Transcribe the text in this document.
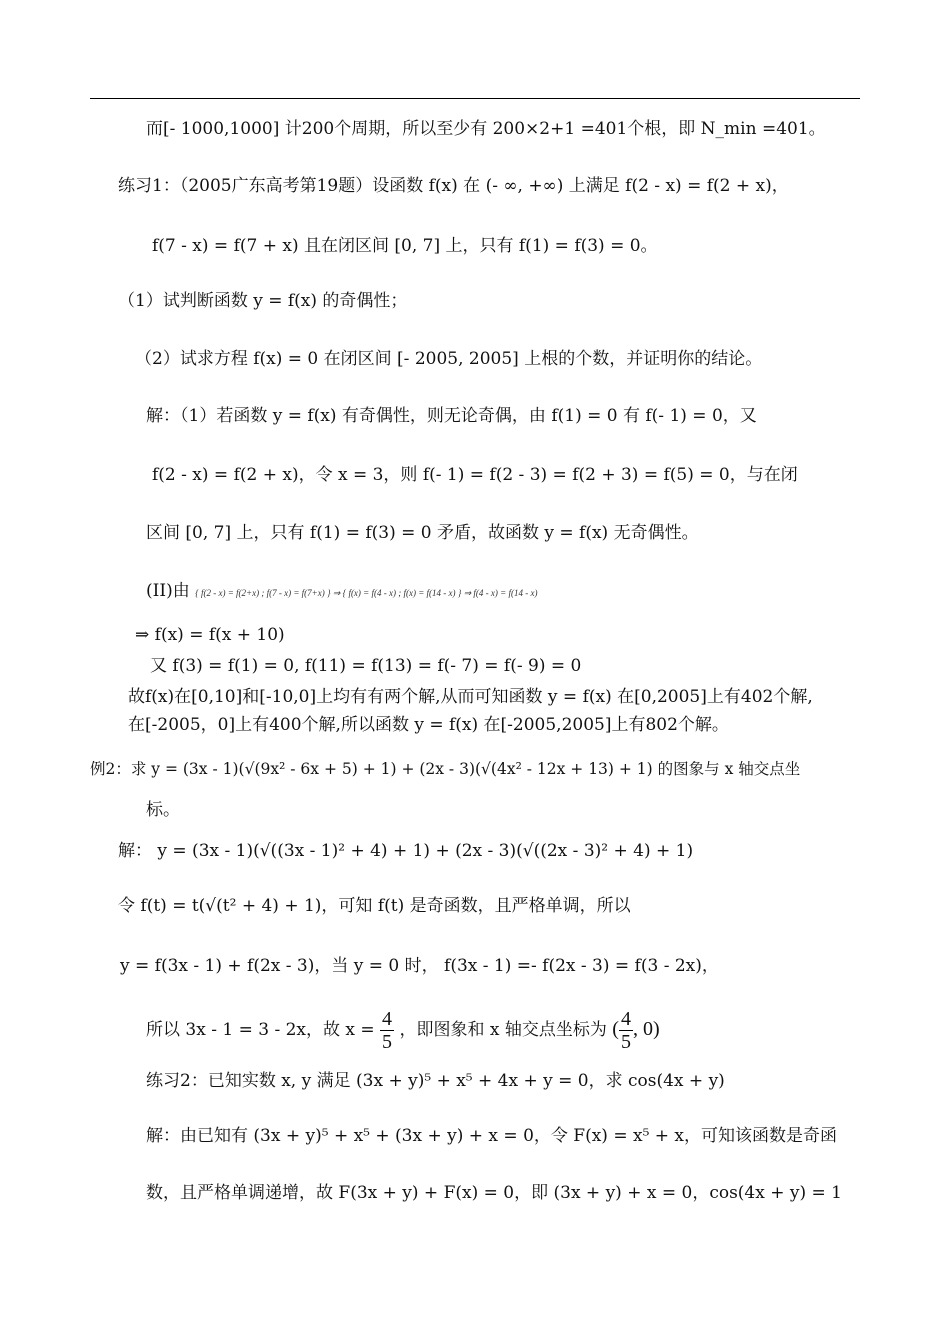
而[- 1000,1000] 计200个周期，所以至少有 200×2+1 =401个根，即 N_min =401。
练习1：（2005广东高考第19题）设函数 f(x) 在 (- ∞, +∞) 上满足 f(2 - x) = f(2 + x)，
f(7 - x) = f(7 + x) 且在闭区间 [0, 7] 上，只有 f(1) = f(3) = 0。
（1）试判断函数 y = f(x) 的奇偶性；
（2）试求方程 f(x) = 0 在闭区间 [- 2005, 2005] 上根的个数，并证明你的结论。
解：（1）若函数 y = f(x) 有奇偶性，则无论奇偶，由 f(1) = 0 有 f(- 1) = 0，又
f(2 - x) = f(2 + x)，令 x = 3，则 f(- 1) = f(2 - 3) = f(2 + 3) = f(5) = 0，与在闭
区间 [0, 7] 上，只有 f(1) = f(3) = 0 矛盾，故函数 y = f(x) 无奇偶性。
(II)由 { f(2 - x) = f(2+x) ; f(7 - x) = f(7+x) } ⇒ { f(x) = f(4 - x) ; f(x) = f(14 - x) } ⇒ f(4 - x) = f(14 - x)
⇒ f(x) = f(x + 10)
又 f(3) = f(1) = 0, f(11) = f(13) = f(- 7) = f(- 9) = 0
故f(x)在[0,10]和[-10,0]上均有有两个解,从而可知函数 y = f(x) 在[0,2005]上有402个解,
在[-2005，0]上有400个解,所以函数 y = f(x) 在[-2005,2005]上有802个解。
例2：求 y = (3x - 1)(√(9x² - 6x + 5) + 1) + (2x - 3)(√(4x² - 12x + 13) + 1) 的图象与 x 轴交点坐
标。
解： y = (3x - 1)(√((3x - 1)² + 4) + 1) + (2x - 3)(√((2x - 3)² + 4) + 1)
令 f(t) = t(√(t² + 4) + 1)，可知 f(t) 是奇函数，且严格单调，所以
y = f(3x - 1) + f(2x - 3)，当 y = 0 时， f(3x - 1) =- f(2x - 3) = f(3 - 2x)，
所以 3x - 1 = 3 - 2x，故 $x = \frac{4}{5}$ ，即图象和 x 轴交点坐标为 ( $\frac{4}{5}$ , 0)
练习2：已知实数 x, y 满足 (3x + y)⁵ + x⁵ + 4x + y = 0，求 cos(4x + y)
解：由已知有 (3x + y)⁵ + x⁵ + (3x + y) + x = 0，令 F(x) = x⁵ + x，可知该函数是奇函
数，且严格单调递增，故 F(3x + y) + F(x) = 0，即 (3x + y) + x = 0，cos(4x + y) = 1
